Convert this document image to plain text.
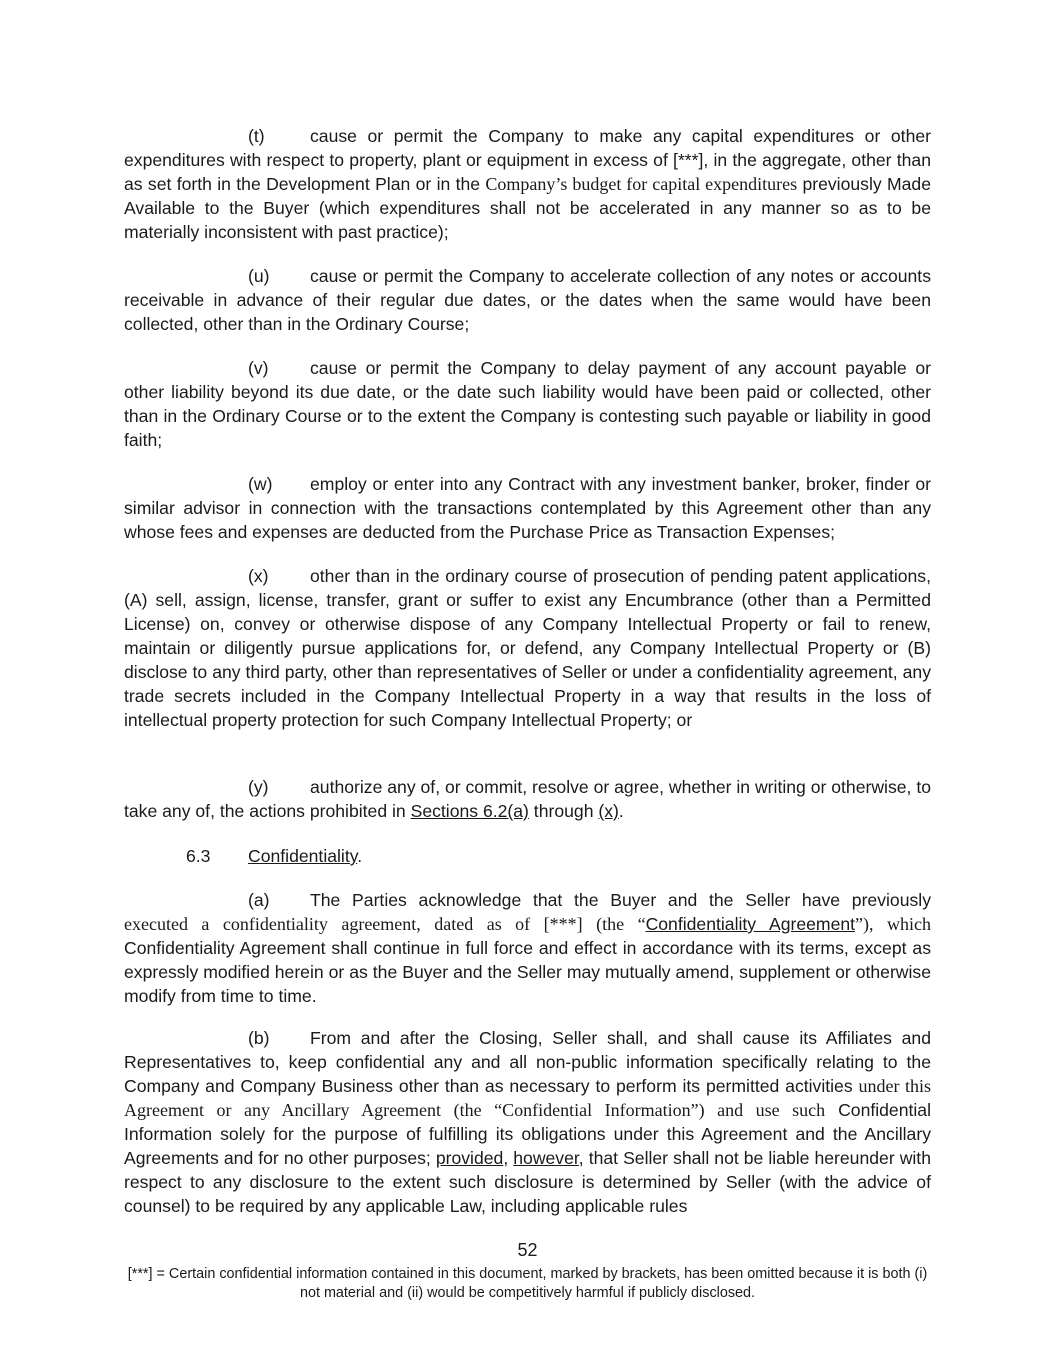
(t)	cause or permit the Company to make any capital expenditures or other expenditures with respect to property, plant or equipment in excess of [***], in the aggregate, other than as set forth in the Development Plan or in the Company’s budget for capital expenditures previously Made Available to the Buyer (which expenditures shall not be accelerated in any manner so as to be materially inconsistent with past practice);
(u) cause or permit the Company to accelerate collection of any notes or accounts receivable in advance of their regular due dates, or the dates when the same would have been collected, other than in the Ordinary Course;
(v) cause or permit the Company to delay payment of any account payable or other liability beyond its due date, or the date such liability would have been paid or collected, other than in the Ordinary Course or to the extent the Company is contesting such payable or liability in good faith;
(w) employ or enter into any Contract with any investment banker, broker, finder or similar advisor in connection with the transactions contemplated by this Agreement other than any whose fees and expenses are deducted from the Purchase Price as Transaction Expenses;
(x) other than in the ordinary course of prosecution of pending patent applications, (A) sell, assign, license, transfer, grant or suffer to exist any Encumbrance (other than a Permitted License) on, convey or otherwise dispose of any Company Intellectual Property or fail to renew, maintain or diligently pursue applications for, or defend, any Company Intellectual Property or (B) disclose to any third party, other than representatives of Seller or under a confidentiality agreement, any trade secrets included in the Company Intellectual Property in a way that results in the loss of intellectual property protection for such Company Intellectual Property; or
(y) authorize any of, or commit, resolve or agree, whether in writing or otherwise, to take any of, the actions prohibited in Sections 6.2(a) through (x).
6.3 Confidentiality.
(a) The Parties acknowledge that the Buyer and the Seller have previously executed a confidentiality agreement, dated as of [***] (the “Confidentiality Agreement”), which Confidentiality Agreement shall continue in full force and effect in accordance with its terms, except as expressly modified herein or as the Buyer and the Seller may mutually amend, supplement or otherwise modify from time to time.
(b) From and after the Closing, Seller shall, and shall cause its Affiliates and Representatives to, keep confidential any and all non-public information specifically relating to the Company and Company Business other than as necessary to perform its permitted activities under this Agreement or any Ancillary Agreement (the “Confidential Information”) and use such Confidential Information solely for the purpose of fulfilling its obligations under this Agreement and the Ancillary Agreements and for no other purposes; provided, however, that Seller shall not be liable hereunder with respect to any disclosure to the extent such disclosure is determined by Seller (with the advice of counsel) to be required by any applicable Law, including applicable rules
52
[***] = Certain confidential information contained in this document, marked by brackets, has been omitted because it is both (i) not material and (ii) would be competitively harmful if publicly disclosed.
